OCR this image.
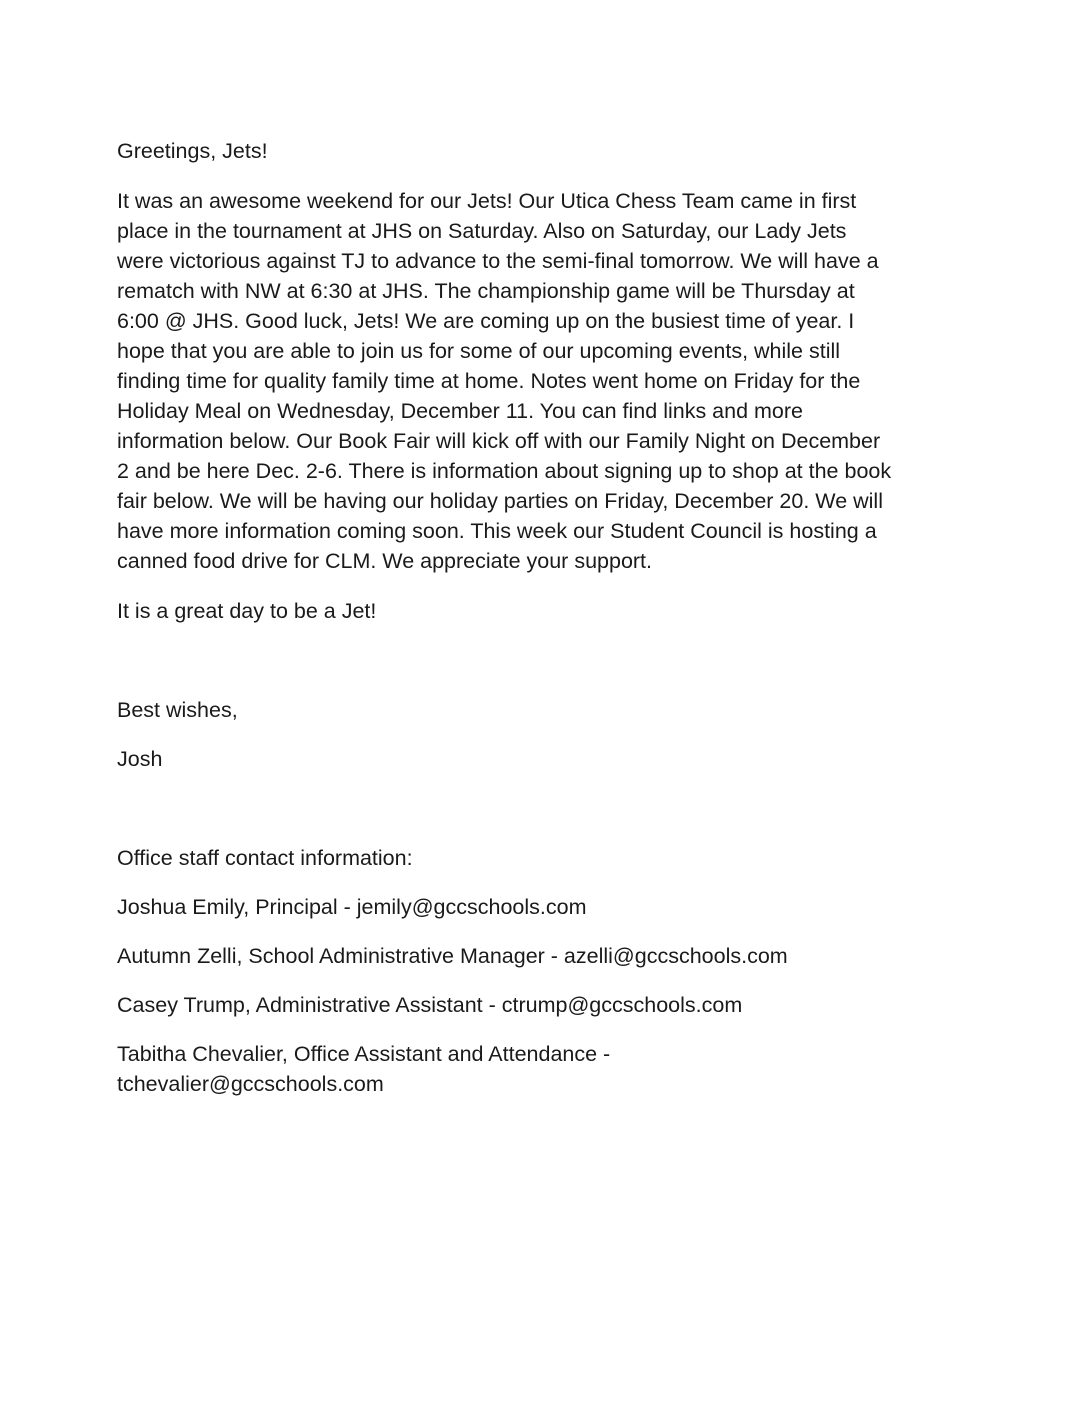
Greetings, Jets!

It was an awesome weekend for our Jets! Our Utica Chess Team came in first place in the tournament at JHS on Saturday. Also on Saturday, our Lady Jets were victorious against TJ to advance to the semi-final tomorrow. We will have a rematch with NW at 6:30 at JHS. The championship game will be Thursday at 6:00 @ JHS. Good luck, Jets! We are coming up on the busiest time of year. I hope that you are able to join us for some of our upcoming events, while still finding time for quality family time at home. Notes went home on Friday for the Holiday Meal on Wednesday, December 11. You can find links and more information below. Our Book Fair will kick off with our Family Night on December 2 and be here Dec. 2-6. There is information about signing up to shop at the book fair below. We will be having our holiday parties on Friday, December 20. We will have more information coming soon. This week our Student Council is hosting a canned food drive for CLM. We appreciate your support.

It is a great day to be a Jet!

Best wishes,

Josh

Office staff contact information:

Joshua Emily, Principal - jemily@gccschools.com
Autumn Zelli, School Administrative Manager - azelli@gccschools.com
Casey Trump, Administrative Assistant - ctrump@gccschools.com
Tabitha Chevalier, Office Assistant and Attendance - tchevalier@gccschools.com
